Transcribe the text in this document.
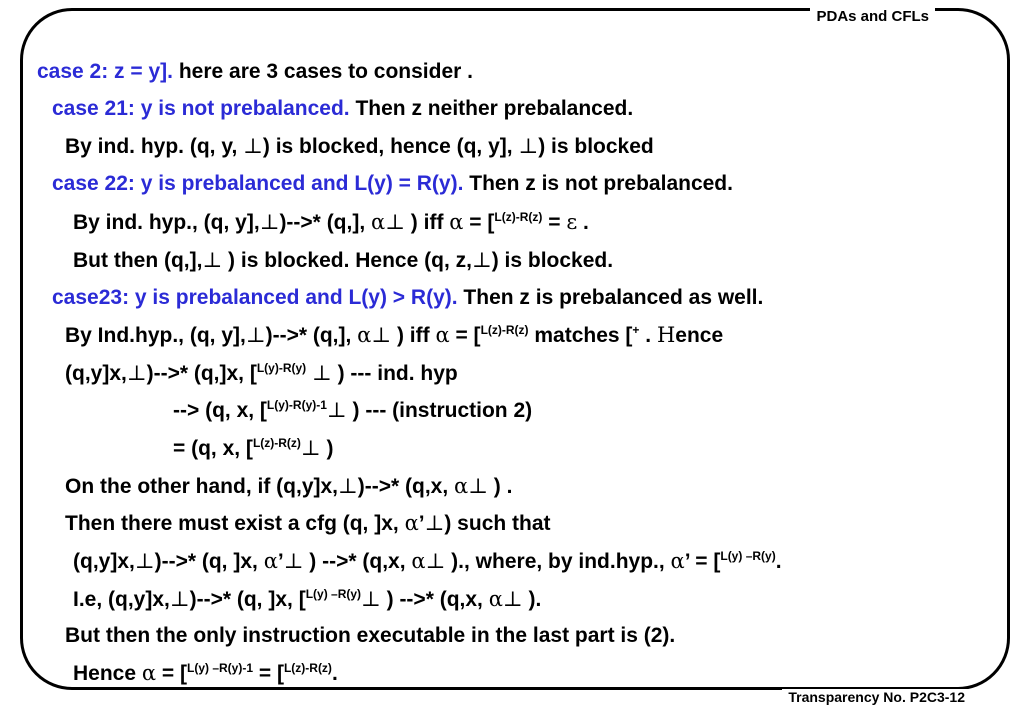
PDAs and CFLs
case 2: z = y]. here are 3 cases to consider .
case 21: y is not prebalanced. Then z neither prebalanced.
By ind. hyp. (q, y, ⊥) is blocked, hence (q, y], ⊥) is blocked
case 22: y is prebalanced and L(y) = R(y). Then z is not prebalanced.
By ind. hyp., (q, y],⊥)-->* (q,], α⊥ ) iff α = [$^{L(z)-R(z)}$ = ε .
But then (q,],⊥ ) is blocked. Hence (q, z,⊥) is blocked.
case23: y is prebalanced and L(y) > R(y). Then z is prebalanced as well.
By Ind.hyp., (q, y],⊥)-->* (q,], α⊥ ) iff α = [$^{L(z)-R(z)}$ matches [+ . Hence
(q,y]x,⊥)-->* (q,]x, [$^{L(y)-R(y)}$ ⊥ ) --- ind. hyp
--> (q, x, [$^{L(y)-R(y)-1}$⊥ ) --- (instruction 2)
= (q, x, [$^{L(z)-R(z)}$⊥ )
On the other hand, if (q,y]x,⊥)-->* (q,x, α⊥ ) .
Then there must exist a cfg (q, ]x, α’⊥) such that
(q,y]x,⊥)-->* (q, ]x, α’⊥ ) -->* (q,x, α⊥ )., where, by ind.hyp., α’ = [$^{L(y) -R(y)}$.
I.e, (q,y]x,⊥)-->* (q, ]x, [$^{L(y) -R(y)}$⊥ ) -->* (q,x, α⊥ ).
But then the only instruction executable in the last part is (2).
Hence α = [$^{L(y) -R(y)-1}$ = [$^{L(z)-R(z)}$.
Transparency No. P2C3-12
